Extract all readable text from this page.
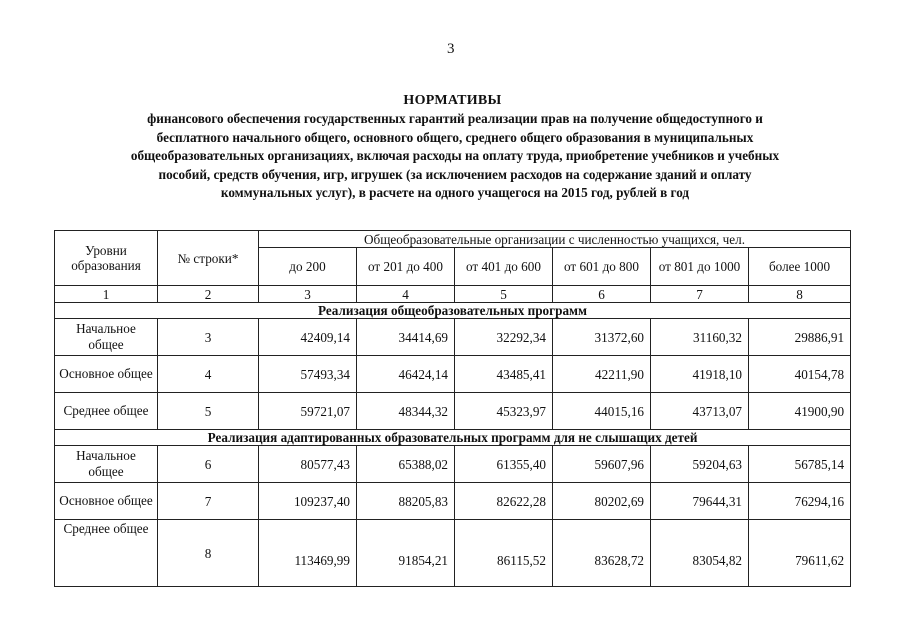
3
НОРМАТИВЫ
финансового обеспечения государственных гарантий реализации прав на получение общедоступного и
бесплатного начального общего, основного общего, среднего общего образования в муниципальных
общеобразовательных организациях, включая расходы на оплату труда, приобретение учебников и учебных
пособий, средств обучения, игр, игрушек (за исключением расходов на содержание зданий и оплату
коммунальных услуг), в расчете на одного учащегося на 2015 год, рублей в год
Уровни образования	№ строки*	Общеобразовательные организации с численностью учащихся, чел.					
		до 200	от 201 до 400	от 401 до 600	от 601 до 800	от 801 до 1000	более 1000
1	2	3	4	5	6	7	8
Реализация общеобразовательных программ							
Начальное общее	3	42409,14	34414,69	32292,34	31372,60	31160,32	29886,91
Основное общее	4	57493,34	46424,14	43485,41	42211,90	41918,10	40154,78
Среднее общее	5	59721,07	48344,32	45323,97	44015,16	43713,07	41900,90
Реализация адаптированных образовательных программ для не слышащих детей							
Начальное общее	6	80577,43	65388,02	61355,40	59607,96	59204,63	56785,14
Основное общее	7	109237,40	88205,83	82622,28	80202,69	79644,31	76294,16
Среднее общее	8	113469,99	91854,21	86115,52	83628,72	83054,82	79611,62
